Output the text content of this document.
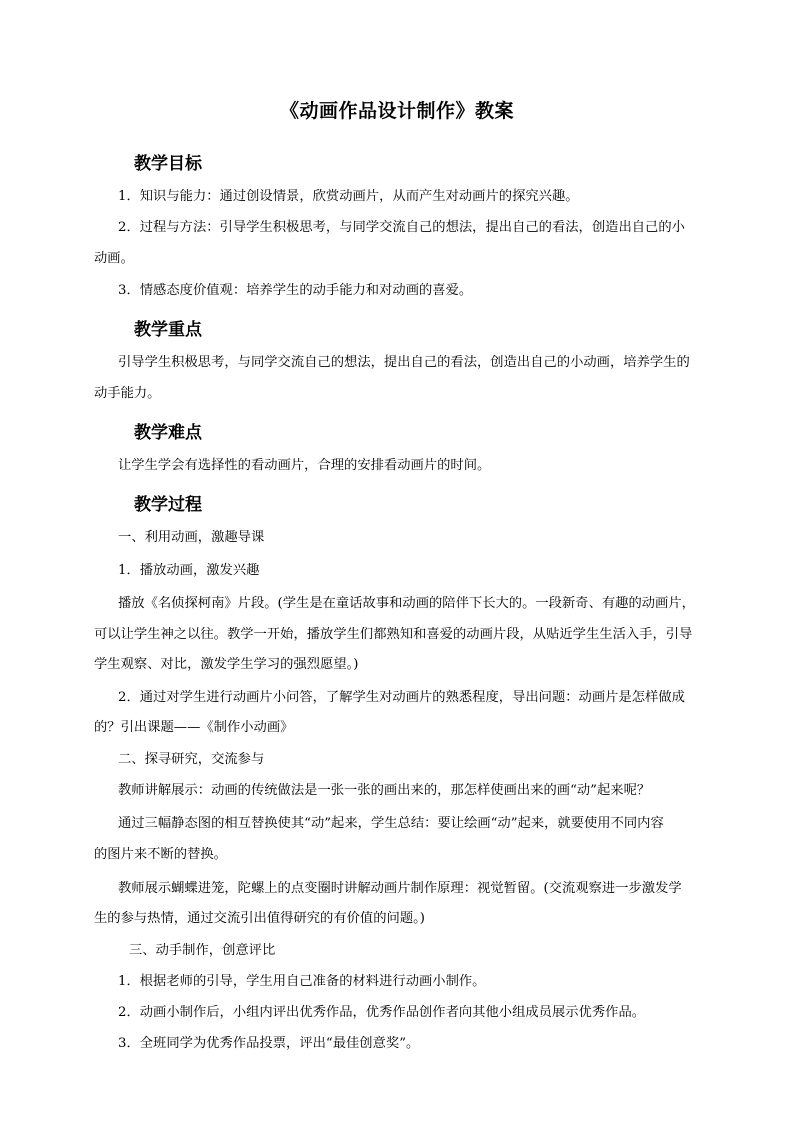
《动画作品设计制作》教案
教学目标
1．知识与能力：通过创设情景，欣赏动画片，从而产生对动画片的探究兴趣。
2．过程与方法：引导学生积极思考，与同学交流自己的想法，提出自己的看法，创造出自己的小
动画。
3．情感态度价值观：培养学生的动手能力和对动画的喜爱。
教学重点
引导学生积极思考，与同学交流自己的想法，提出自己的看法，创造出自己的小动画，培养学生的
动手能力。
教学难点
让学生学会有选择性的看动画片，合理的安排看动画片的时间。
教学过程
一、利用动画，激趣导课
1．播放动画，激发兴趣
播放《名侦探柯南》片段。(学生是在童话故事和动画的陪伴下长大的。一段新奇、有趣的动画片，
可以让学生神之以往。教学一开始，播放学生们都熟知和喜爱的动画片段，从贴近学生生活入手，引导
学生观察、对比，激发学生学习的强烈愿望。)
2．通过对学生进行动画片小问答，了解学生对动画片的熟悉程度，导出问题：动画片是怎样做成
的？引出课题——《制作小动画》
二、探寻研究，交流参与
教师讲解展示：动画的传统做法是一张一张的画出来的，那怎样使画出来的画“动”起来呢？
通过三幅静态图的相互替换使其“动”起来，学生总结：要让绘画“动”起来，就要使用不同内容
的图片来不断的替换。
教师展示蝴蝶进笼，陀螺上的点变圈时讲解动画片制作原理：视觉暂留。(交流观察进一步激发学
生的参与热情，通过交流引出值得研究的有价值的问题。)
三、动手制作，创意评比
1．根据老师的引导，学生用自己准备的材料进行动画小制作。
2．动画小制作后，小组内评出优秀作品，优秀作品创作者向其他小组成员展示优秀作品。
3．全班同学为优秀作品投票，评出“最佳创意奖”。
